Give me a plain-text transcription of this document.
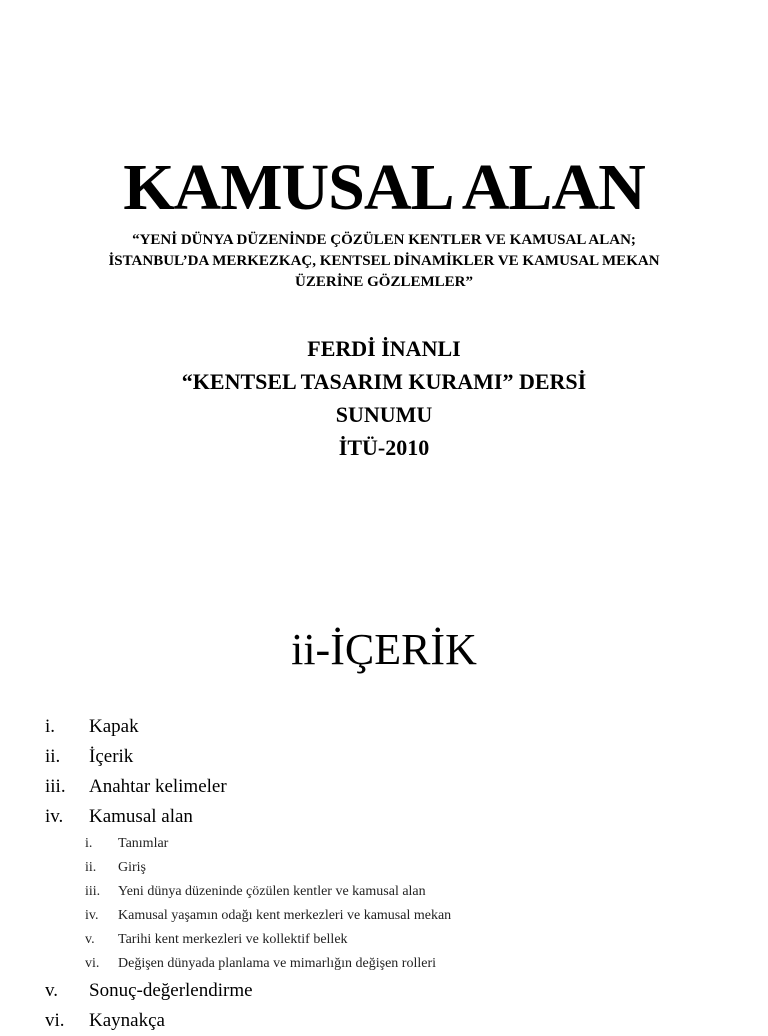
KAMUSAL ALAN
“YENİ DÜNYA DÜZENİNDE ÇÖZÜLEN KENTLER VE KAMUSAL ALAN;
İSTANBUL’DA MERKEZKAÇ, KENTSEL DİNAMİKLER VE KAMUSAL MEKAN
ÜZERİNE GÖZLEMLER”
FERDİ İNANLI
“KENTSEL TASARIM KURAMI” DERSİ
SUNUMU
İTÜ-2010
ii-İÇERİK
i. Kapak
ii. İçerik
iii. Anahtar kelimeler
iv. Kamusal alan
i. Tanımlar
ii. Giriş
iii. Yeni dünya düzeninde çözülen kentler ve kamusal alan
iv. Kamusal yaşamın odağı kent merkezleri ve kamusal mekan
v. Tarihi kent merkezleri ve kollektif bellek
vi. Değişen dünyada planlama ve mimarlığın değişen rolleri
v. Sonuç-değerlendirme
vi. Kaynakça
